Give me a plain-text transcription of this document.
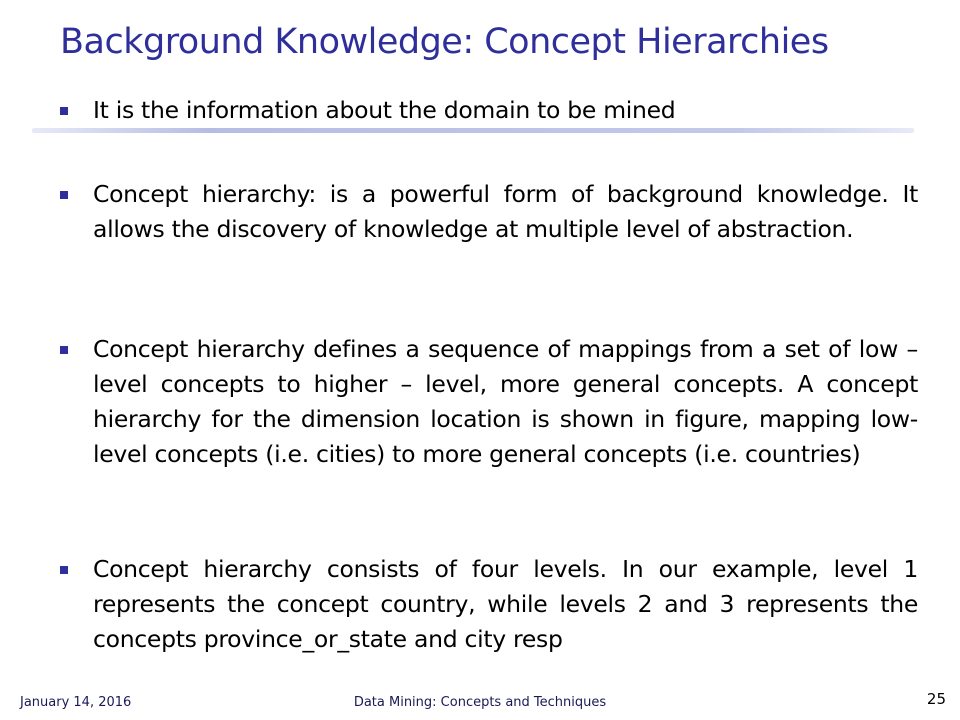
Background Knowledge: Concept Hierarchies
It is the information about the domain to be mined
Concept hierarchy: is a powerful form of background knowledge. It allows the discovery of knowledge at multiple level of abstraction.
Concept hierarchy defines a sequence of mappings from a set of low – level concepts to higher – level, more general concepts. A concept hierarchy for the dimension location is shown in figure, mapping low-level concepts (i.e. cities) to more general concepts (i.e. countries)
Concept hierarchy consists of four levels. In our example, level 1 represents the concept country, while levels 2 and 3 represents the concepts province_or_state and city resp
January 14, 2016	Data Mining: Concepts and Techniques	25
